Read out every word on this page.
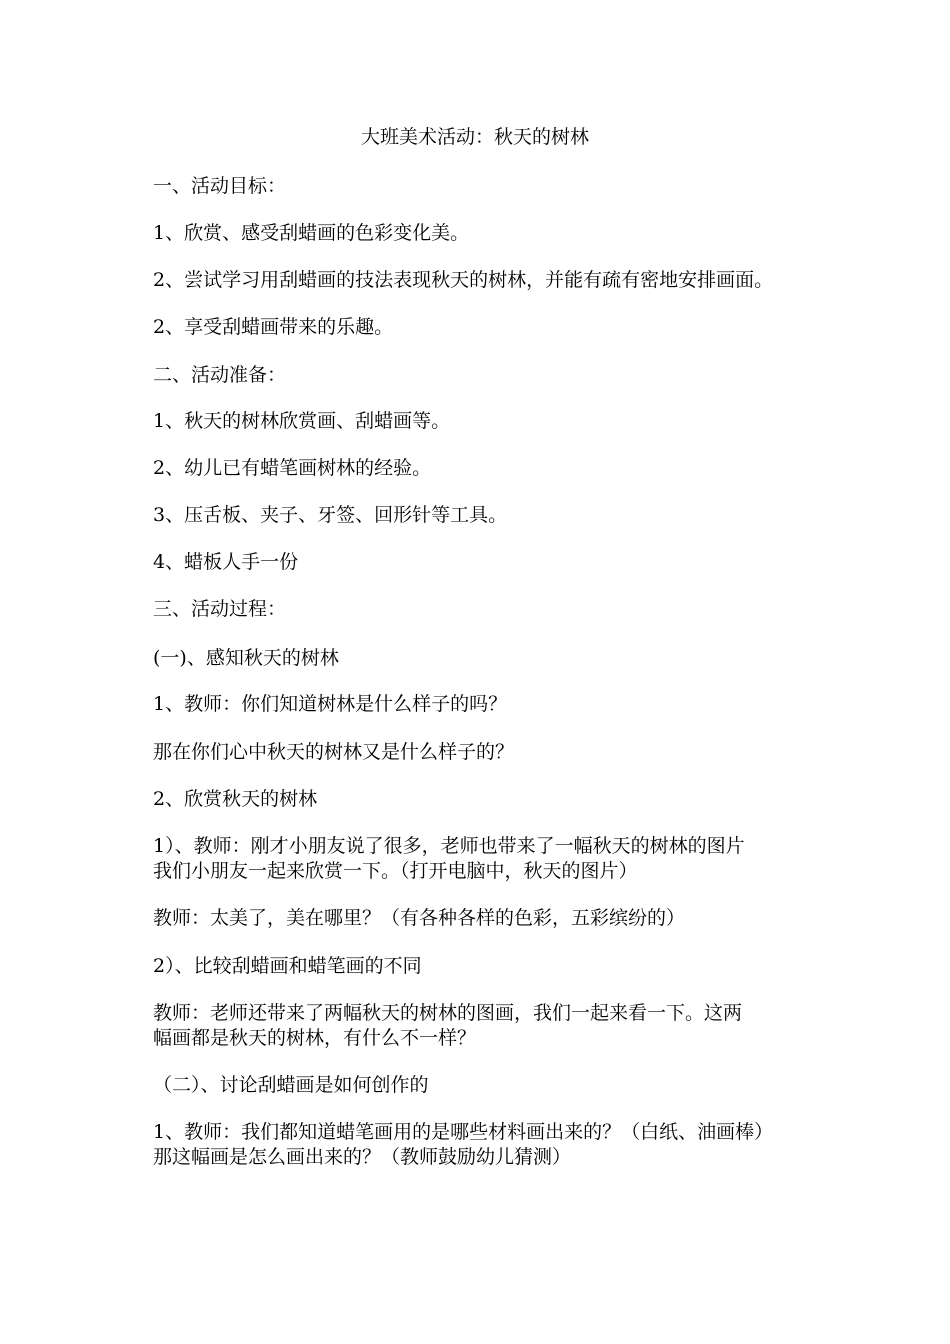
大班美术活动：秋天的树林
一、活动目标：
1、欣赏、感受刮蜡画的色彩变化美。
2、尝试学习用刮蜡画的技法表现秋天的树林，并能有疏有密地安排画面。
2、享受刮蜡画带来的乐趣。
二、活动准备：
1、秋天的树林欣赏画、刮蜡画等。
2、幼儿已有蜡笔画树林的经验。
3、压舌板、夹子、牙签、回形针等工具。
4、蜡板人手一份
三、活动过程：
(一)、感知秋天的树林
1、教师：你们知道树林是什么样子的吗？
那在你们心中秋天的树林又是什么样子的？
2、欣赏秋天的树林
1）、教师：刚才小朋友说了很多，老师也带来了一幅秋天的树林的图片
我们小朋友一起来欣赏一下。（打开电脑中，秋天的图片）
教师：太美了，美在哪里？（有各种各样的色彩，五彩缤纷的）
2）、比较刮蜡画和蜡笔画的不同
教师：老师还带来了两幅秋天的树林的图画，我们一起来看一下。这两
幅画都是秋天的树林，有什么不一样？
（二）、讨论刮蜡画是如何创作的
1、教师：我们都知道蜡笔画用的是哪些材料画出来的？（白纸、油画棒）
那这幅画是怎么画出来的？（教师鼓励幼儿猜测）
